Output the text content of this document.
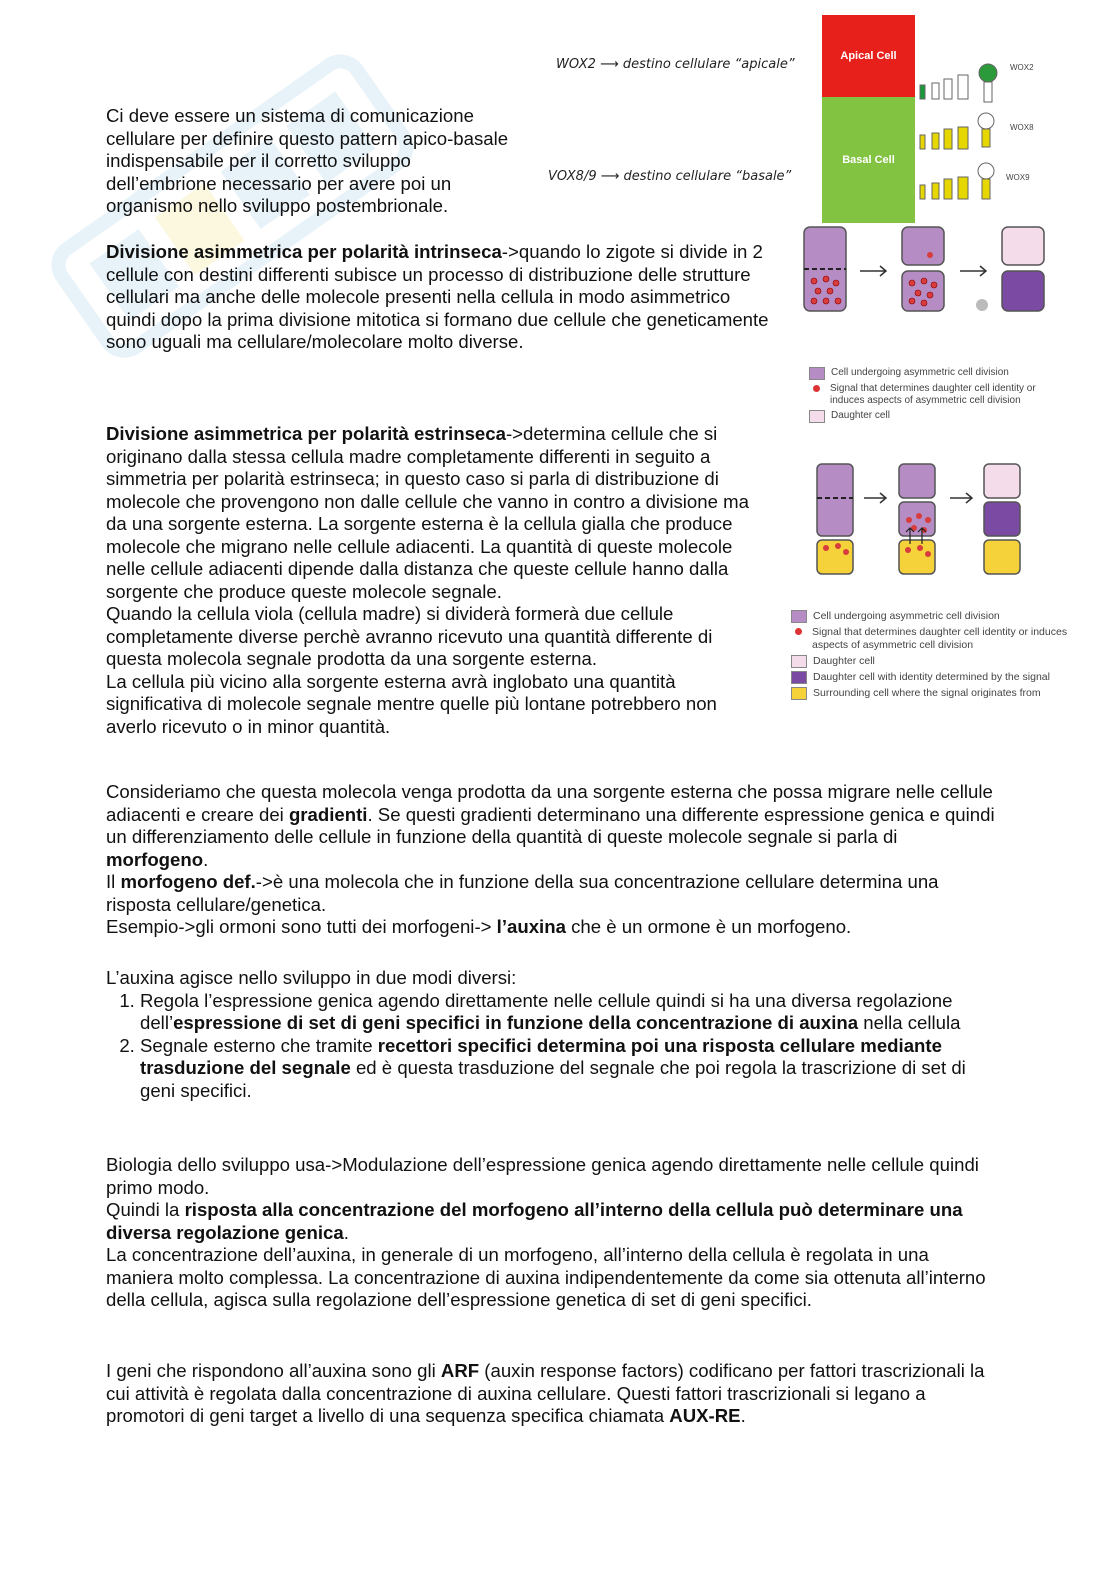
WOX2 ⟶ destino cellulare “apicale”
VOX8/9 ⟶ destino cellulare “basale”
Apical Cell
Basal Cell
WOX2
WOX8
WOX9
Cell undergoing asymmetric cell division
Signal that determines daughter cell identity or induces aspects of asymmetric cell division
Daughter cell
Cell undergoing asymmetric cell division
Signal that determines daughter cell identity or induces aspects of asymmetric cell division
Daughter cell
Daughter cell with identity determined by the signal
Surrounding cell where the signal originates from

Ci deve essere un sistema di comunicazione cellulare per definire questo pattern apico-basale indispensabile per il corretto sviluppo dell’embrione necessario per avere poi un organismo nello sviluppo postembrionale.

Divisione asimmetrica per polarità intrinseca->quando lo zigote si divide in 2 cellule con destini differenti subisce un processo di distribuzione delle strutture cellulari ma anche delle molecole presenti nella cellula in modo asimmetrico quindi dopo la prima divisione mitotica si formano due cellule che geneticamente sono uguali ma cellulare/molecolare molto diverse.

Divisione asimmetrica per polarità estrinseca->determina cellule che si originano dalla stessa cellula madre completamente differenti in seguito a simmetria per polarità estrinseca; in questo caso si parla di distribuzione di molecole che provengono non dalle cellule che vanno in contro a divisione ma da una sorgente esterna. La sorgente esterna è la cellula gialla che produce molecole che migrano nelle cellule adiacenti. La quantità di queste molecole nelle cellule adiacenti dipende dalla distanza che queste cellule hanno dalla sorgente che produce queste molecole segnale.

Quando la cellula viola (cellula madre) si dividerà formerà due cellule completamente diverse perchè avranno ricevuto una quantità differente di questa molecola segnale prodotta da una sorgente esterna.

La cellula più vicino alla sorgente esterna avrà inglobato una quantità significativa di molecole segnale mentre quelle più lontane potrebbero non averlo ricevuto o in minor quantità.

Consideriamo che questa molecola venga prodotta da una sorgente esterna che possa migrare nelle cellule adiacenti e creare dei gradienti. Se questi gradienti determinano una differente espressione genica e quindi un differenziamento delle cellule in funzione della quantità di queste molecole segnale si parla di morfogeno.

Il morfogeno def.->è una molecola che in funzione della sua concentrazione cellulare determina una risposta cellulare/genetica.

Esempio->gli ormoni sono tutti dei morfogeni-> l’auxina che è un ormone è un morfogeno.

L’auxina agisce nello sviluppo in due modi diversi:

1. Regola l’espressione genica agendo direttamente nelle cellule quindi si ha una diversa regolazione dell’espressione di set di geni specifici in funzione della concentrazione di auxina nella cellula
2. Segnale esterno che tramite recettori specifici determina poi una risposta cellulare mediante trasduzione del segnale ed è questa trasduzione del segnale che poi regola la trascrizione di set di geni specifici.

Biologia dello sviluppo usa->Modulazione dell’espressione genica agendo direttamente nelle cellule quindi primo modo.

Quindi la risposta alla concentrazione del morfogeno all’interno della cellula può determinare una diversa regolazione genica.

La concentrazione dell’auxina, in generale di un morfogeno, all’interno della cellula è regolata in una maniera molto complessa. La concentrazione di auxina indipendentemente da come sia ottenuta all’interno della cellula, agisca sulla regolazione dell’espressione genetica di set di geni specifici.

I geni che rispondono all’auxina sono gli ARF (auxin response factors) codificano per fattori trascrizionali la cui attività è regolata dalla concentrazione di auxina cellulare. Questi fattori trascrizionali si legano a promotori di geni target a livello di una sequenza specifica chiamata AUX-RE.
